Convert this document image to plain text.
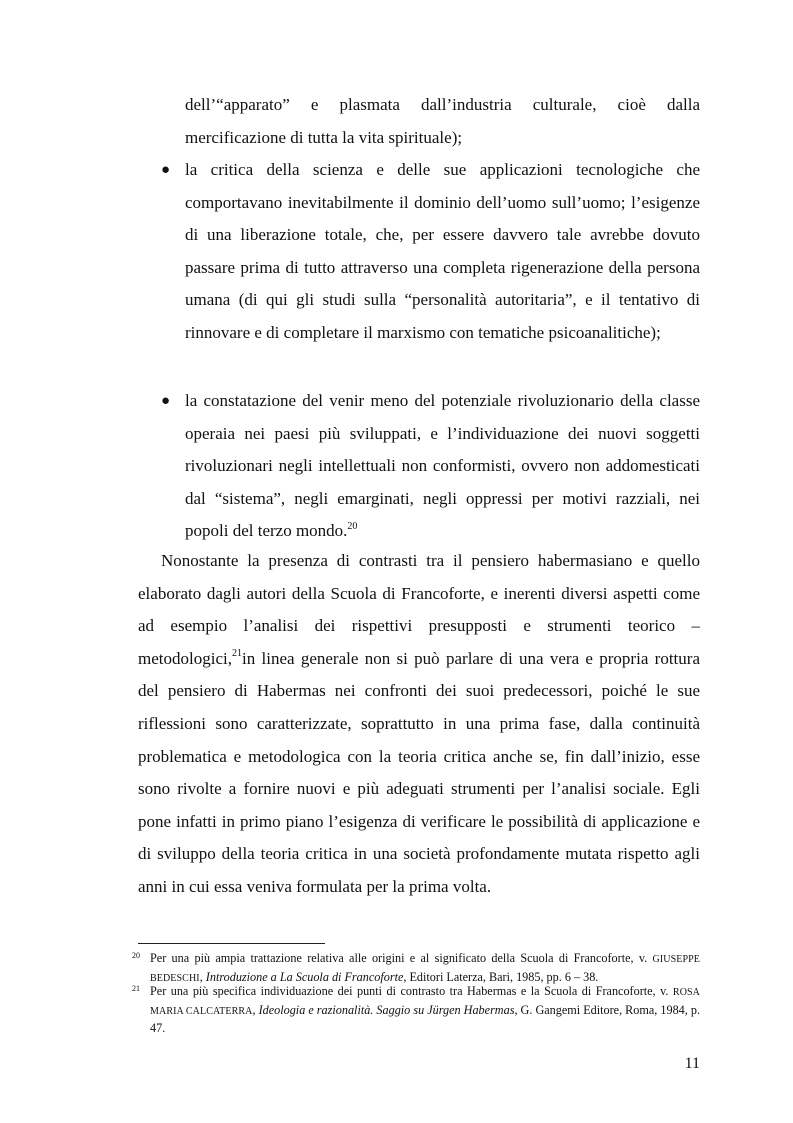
dell’“apparato” e plasmata dall’industria culturale, cioè dalla mercificazione di tutta la vita spirituale);

● la critica della scienza e delle sue applicazioni tecnologiche che comportavano inevitabilmente il dominio dell’uomo sull’uomo; l’esigenze di una liberazione totale, che, per essere davvero tale avrebbe dovuto passare prima di tutto attraverso una completa rigenerazione della persona umana (di qui gli studi sulla “personalità autoritaria”, e il tentativo di rinnovare e di completare il marxismo con tematiche psicoanalitiche);

● la constatazione del venir meno del potenziale rivoluzionario della classe operaia nei paesi più sviluppati, e l’individuazione dei nuovi soggetti rivoluzionari negli intellettuali non conformisti, ovvero non addomesticati dal “sistema”, negli emarginati, negli oppressi per motivi razziali, nei popoli del terzo mondo.$^{20}$

Nonostante la presenza di contrasti tra il pensiero habermasiano e quello elaborato dagli autori della Scuola di Francoforte, e inerenti diversi aspetti come ad esempio l’analisi dei rispettivi presupposti e strumenti teorico – metodologici,$^{21}$in linea generale non si può parlare di una vera e propria rottura del pensiero di Habermas nei confronti dei suoi predecessori, poiché le sue riflessioni sono caratterizzate, soprattutto in una prima fase, dalla continuità problematica e metodologica con la teoria critica anche se, fin dall’inizio, esse sono rivolte a fornire nuovi e più adeguati strumenti per l’analisi sociale. Egli pone infatti in primo piano l’esigenza di verificare le possibilità di applicazione e di sviluppo della teoria critica in una società profondamente mutata rispetto agli anni in cui essa veniva formulata per la prima volta.

20 Per una più ampia trattazione relativa alle origini e al significato della Scuola di Francoforte, v. GIUSEPPE BEDESCHI, Introduzione a La Scuola di Francoforte, Editori Laterza, Bari, 1985, pp. 6 – 38.

21 Per una più specifica individuazione dei punti di contrasto tra Habermas e la Scuola di Francoforte, v. ROSA MARIA CALCATERRA, Ideologia e razionalità. Saggio su Jürgen Habermas, G. Gangemi Editore, Roma, 1984, p. 47.

11
